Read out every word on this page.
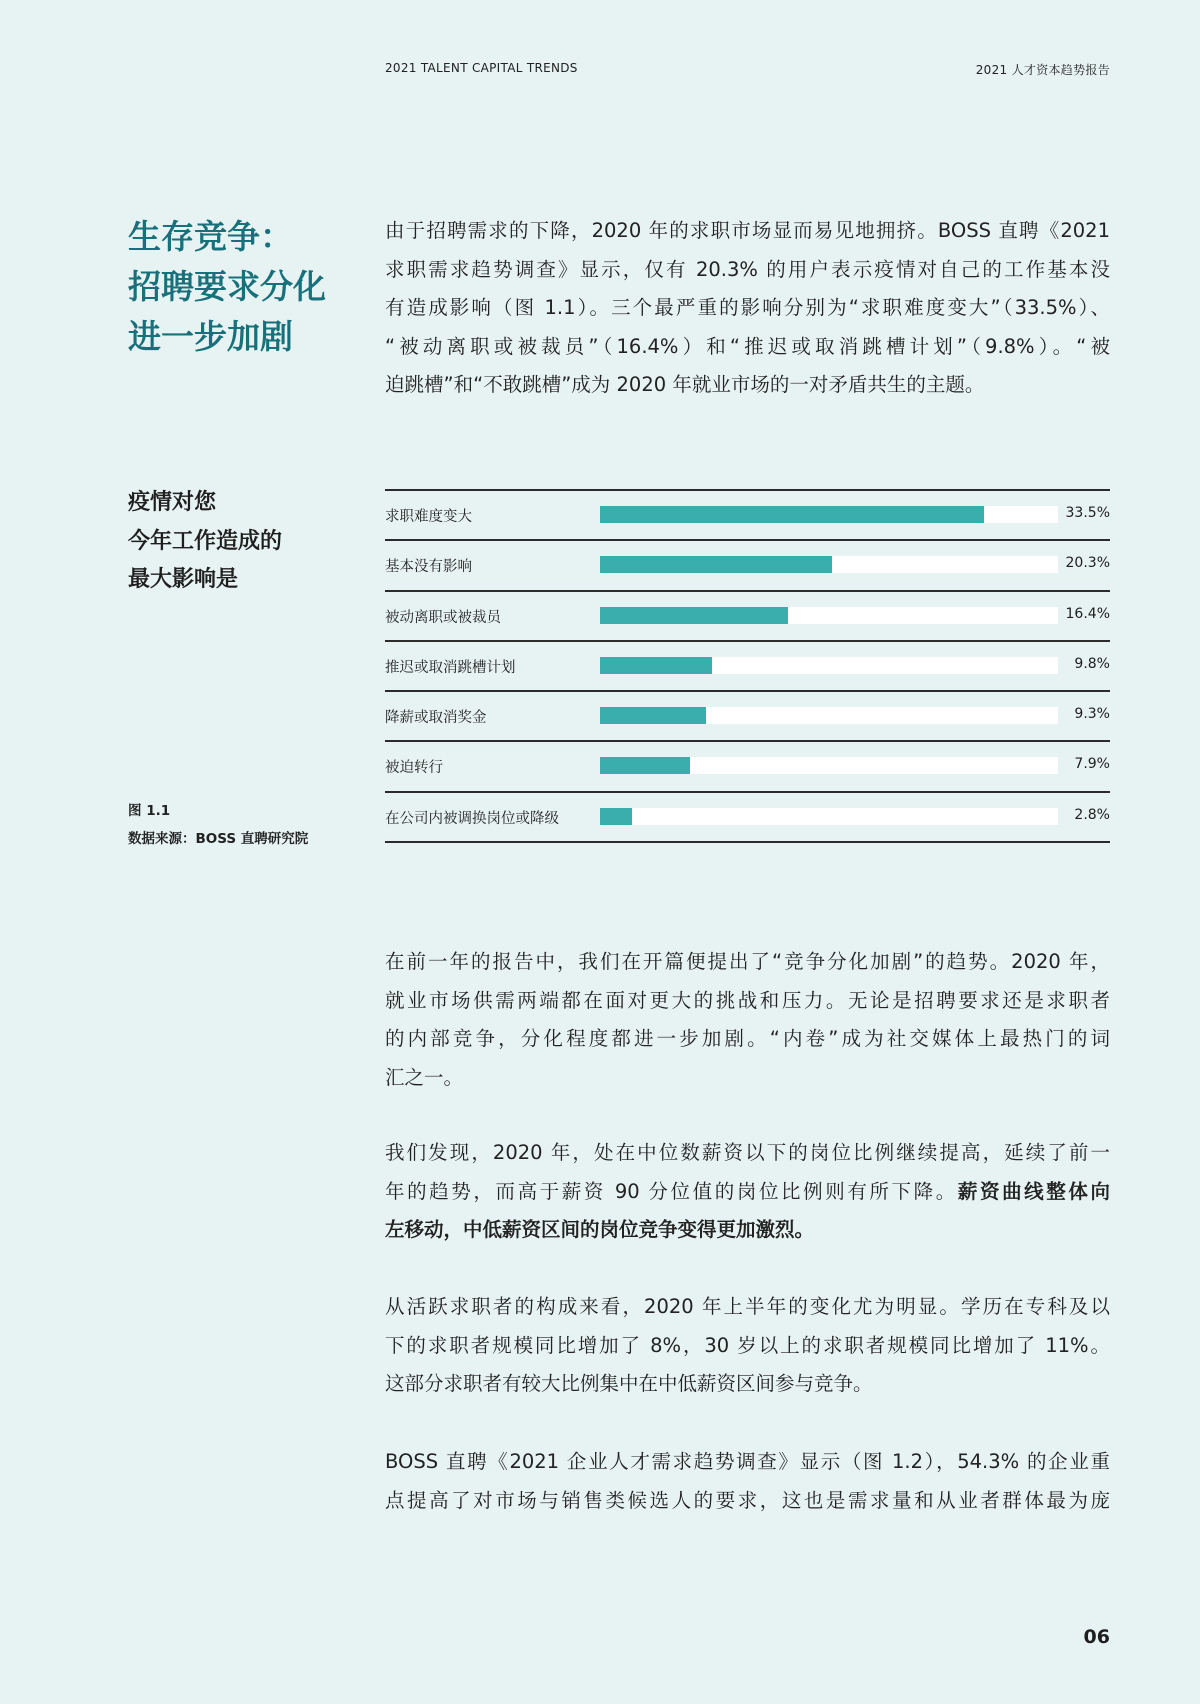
2021 TALENT CAPITAL TRENDS	2021 人才资本趋势报告
生存竞争：
招聘要求分化
进一步加剧
由于招聘需求的下降，2020 年的求职市场显而易见地拥挤。BOSS 直聘《2021
求职需求趋势调查》显示，仅有 20.3% 的用户表示疫情对自己的工作基本没
有造成影响（图 1.1）。三个最严重的影响分别为“求职难度变大”（33.5%）、
“被动离职或被裁员”（16.4%）和“推迟或取消跳槽计划”（9.8%）。“被
迫跳槽”和“不敢跳槽”成为 2020 年就业市场的一对矛盾共生的主题。
疫情对您
今年工作造成的
最大影响是
图 1.1
数据来源：BOSS 直聘研究院
求职难度变大	33.5%
基本没有影响	20.3%
被动离职或被裁员	16.4%
推迟或取消跳槽计划	9.8%
降薪或取消奖金	9.3%
被迫转行	7.9%
在公司内被调换岗位或降级	2.8%
在前一年的报告中，我们在开篇便提出了“竞争分化加剧”的趋势。2020 年，
就业市场供需两端都在面对更大的挑战和压力。无论是招聘要求还是求职者
的内部竞争，分化程度都进一步加剧。“内卷”成为社交媒体上最热门的词
汇之一。
我们发现，2020 年，处在中位数薪资以下的岗位比例继续提高，延续了前一
年的趋势，而高于薪资 90 分位值的岗位比例则有所下降。薪资曲线整体向
左移动，中低薪资区间的岗位竞争变得更加激烈。
从活跃求职者的构成来看，2020 年上半年的变化尤为明显。学历在专科及以
下的求职者规模同比增加了 8%，30 岁以上的求职者规模同比增加了 11%。
这部分求职者有较大比例集中在中低薪资区间参与竞争。
BOSS 直聘《2021 企业人才需求趋势调查》显示（图 1.2），54.3% 的企业重
点提高了对市场与销售类候选人的要求，这也是需求量和从业者群体最为庞
06
